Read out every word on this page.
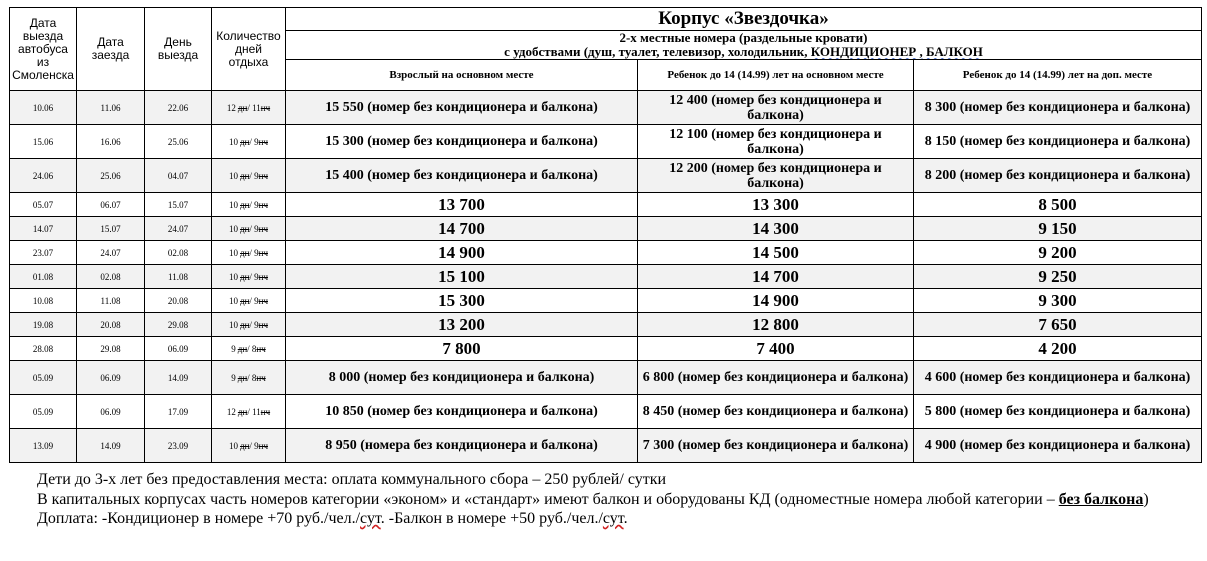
Дата выезда автобуса из Смоленска	Дата заезда	День выезда	Количество дней отдыха	Корпус «Звездочка»		

				2-х местные номера (раздельные кровати)
с удобствами (душ, туалет, телевизор, холодильник, КОНДИЦИОНЕР , БАЛКОН		

				Взрослый на основном месте	Ребенок до 14 (14.99) лет на основном месте	Ребенок до 14 (14.99) лет на доп. месте
10.06	11.06	22.06	12 дн/ 11нч	15 550 (номер без кондиционера и балкона)	12 400 (номер без кондиционера и балкона)	8 300 (номер без кондиционера и балкона)
15.06	16.06	25.06	10 дн/ 9нч	15 300 (номер без кондиционера и балкона)	12 100 (номер без кондиционера и балкона)	8 150 (номер без кондиционера и балкона)
24.06	25.06	04.07	10 дн/ 9нч	15 400 (номер без кондиционера и балкона)	12 200 (номер без кондиционера и балкона)	8 200 (номер без кондиционера и балкона)
05.07	06.07	15.07	10 дн/ 9нч	13 700	13 300	8 500
14.07	15.07	24.07	10 дн/ 9нч	14 700	14 300	9 150
23.07	24.07	02.08	10 дн/ 9нч	14 900	14 500	9 200
01.08	02.08	11.08	10 дн/ 9нч	15 100	14 700	9 250
10.08	11.08	20.08	10 дн/ 9нч	15 300	14 900	9 300
19.08	20.08	29.08	10 дн/ 9нч	13 200	12 800	7 650
28.08	29.08	06.09	9 дн/ 8нч	7 800	7 400	4 200
05.09	06.09	14.09	9 дн/ 8нч	8 000 (номер без кондиционера и балкона)	6 800 (номер без кондиционера и балкона)	4 600 (номер без кондиционера и балкона)
05.09	06.09	17.09	12 дн/ 11нч	10 850 (номер без кондиционера и балкона)	8 450 (номер без кондиционера и балкона)	5 800 (номер без кондиционера и балкона)
13.09	14.09	23.09	10 дн/ 9нч	8 950 (номера без кондиционера и балкона)	7 300 (номер без кондиционера и балкона)	4 900 (номер без кондиционера и балкона)

Дети до 3-х лет без предоставления места: оплата коммунального сбора – 250 рублей/ сутки

В капитальных корпусах часть номеров категории «эконом» и «стандарт» имеют балкон и оборудованы КД (одноместные номера любой категории – без балкона)

Доплата: -Кондиционер в номере +70 руб./чел./сут. -Балкон в номере +50 руб./чел./сут.
